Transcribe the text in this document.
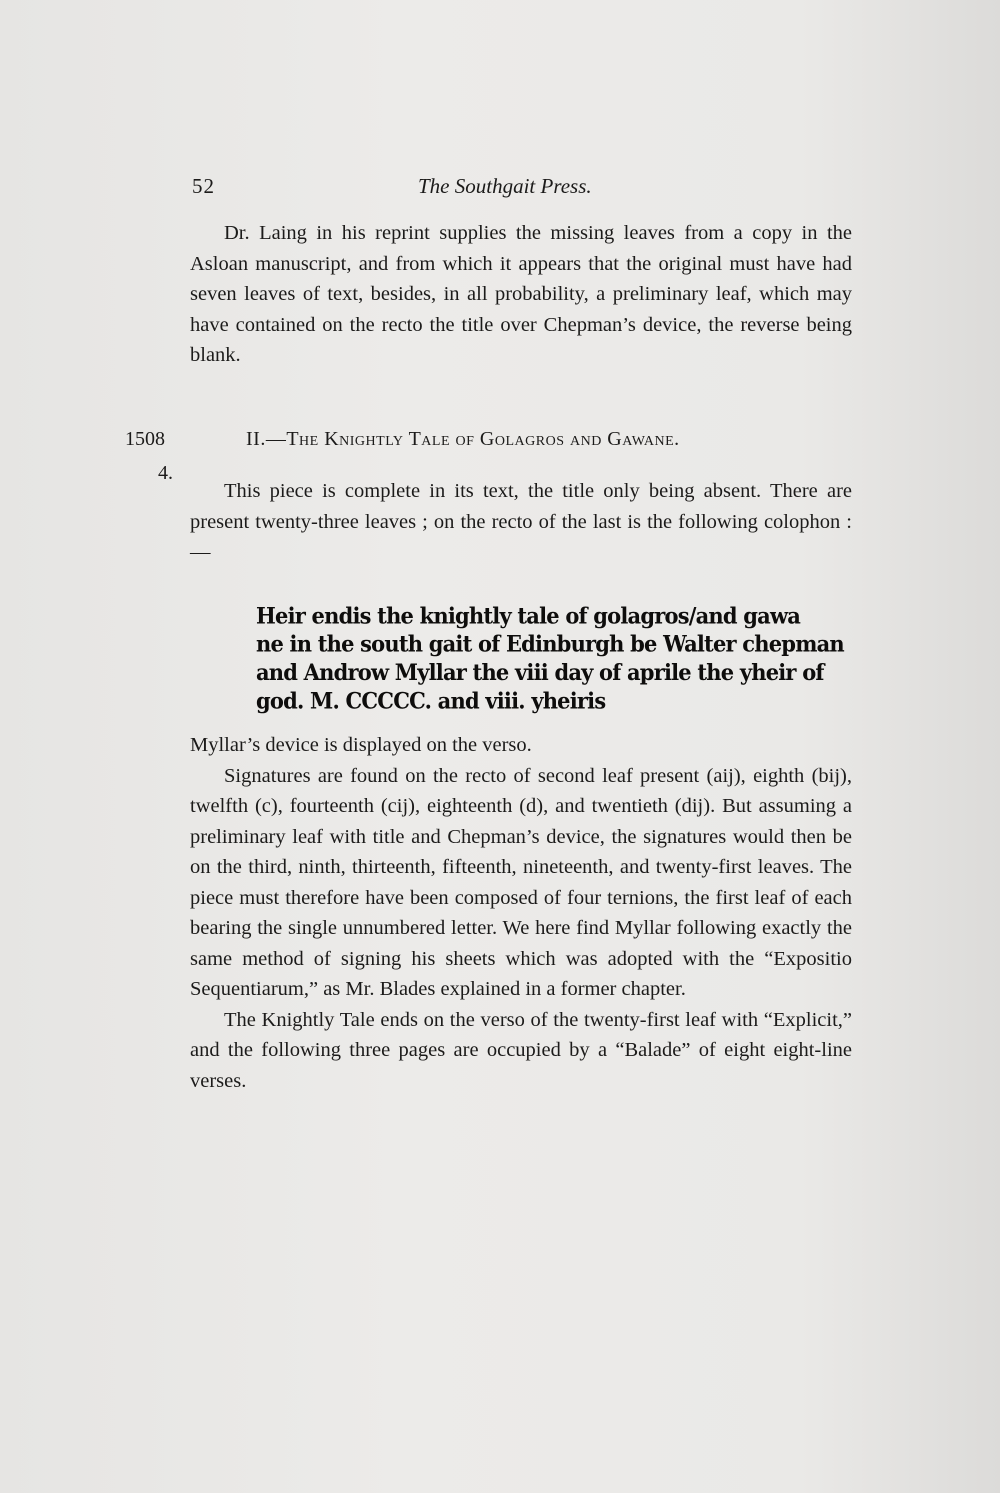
52	The Southgait Press.

Dr. Laing in his reprint supplies the missing leaves from a copy in the Asloan manuscript, and from which it appears that the original must have had seven leaves of text, besides, in all probability, a preliminary leaf, which may have contained on the recto the title over Chepman’s device, the reverse being blank.

1508
4.
II.—The Knightly Tale of Golagros and Gawane.

This piece is complete in its text, the title only being absent. There are present twenty-three leaves ; on the recto of the last is the following colophon :—

Heir endis the knightly tale of golagros/and gawa
ne in the south gait of Edinburgh be Walter chepman
and Androw Myllar the viii day of aprile the yheir of
god. M. CCCCC. and viii. yheiris

Myllar’s device is displayed on the verso.

Signatures are found on the recto of second leaf present (aij), eighth (bij), twelfth (c), fourteenth (cij), eighteenth (d), and twentieth (dij). But assuming a preliminary leaf with title and Chepman’s device, the signatures would then be on the third, ninth, thirteenth, fifteenth, nineteenth, and twenty-first leaves. The piece must therefore have been composed of four ternions, the first leaf of each bearing the single unnumbered letter. We here find Myllar following exactly the same method of signing his sheets which was adopted with the “Expositio Sequentiarum,” as Mr. Blades explained in a former chapter.

The Knightly Tale ends on the verso of the twenty-first leaf with “Explicit,” and the following three pages are occupied by a “Balade” of eight eight-line verses.
